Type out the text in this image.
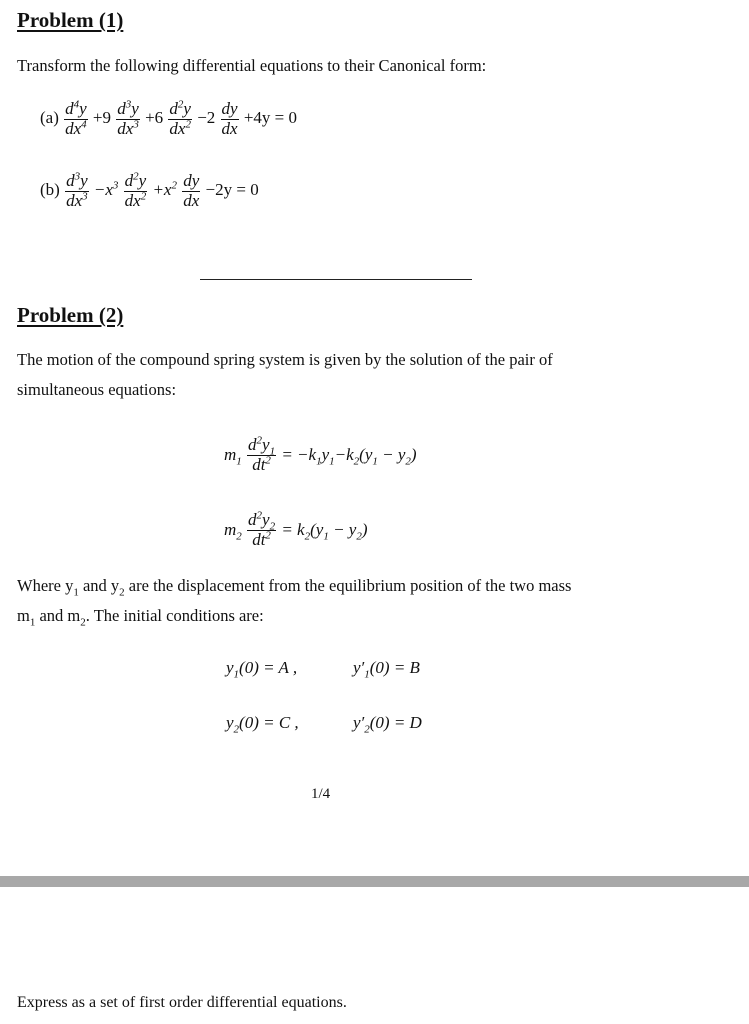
Problem (1)
Transform the following differential equations to their Canonical form:
$(a) \frac{d^4y}{dx^4} +9 \frac{d^3y}{dx^3} +6 \frac{d^2y}{dx^2} -2 \frac{dy}{dx} +4y = 0$
$(b) \frac{d^3y}{dx^3} -x^3 \frac{d^2y}{dx^2} +x^2 \frac{dy}{dx} -2y = 0$
Problem (2)
The motion of the compound spring system is given by the solution of the pair of
simultaneous equations:
$m_1 \frac{d^2y_1}{dt^2} = -k_1y_1-k_2(y_1 - y_2)$
$m_2 \frac{d^2y_2}{dt^2} = k_2(y_1 - y_2)$
Where $y_1$ and $y_2$ are the displacement from the equilibrium position of the two mass
$m_1$ and $m_2$. The initial conditions are:
$y_1(0) = A$ ,	$y'_1(0) = B$
$y_2(0) = C$ ,	$y'_2(0) = D$
1/4
Express as a set of first order differential equations.
